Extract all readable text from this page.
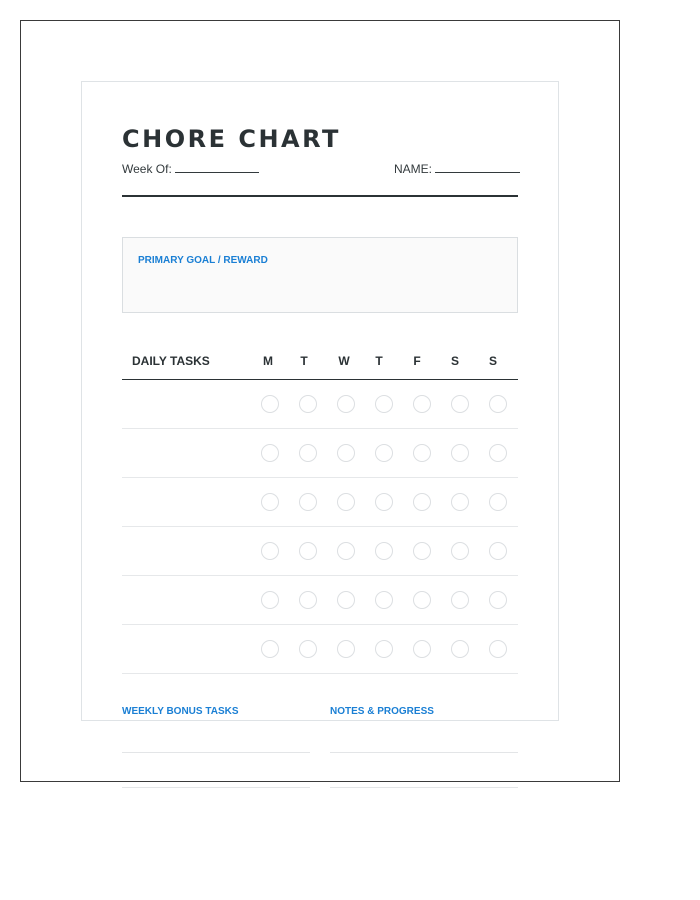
CHORE CHART
Week Of:	NAME:
PRIMARY GOAL / REWARD
DAILY TASKS	M	T	W	T	F	S	S
WEEKLY BONUS TASKS	NOTES & PROGRESS
